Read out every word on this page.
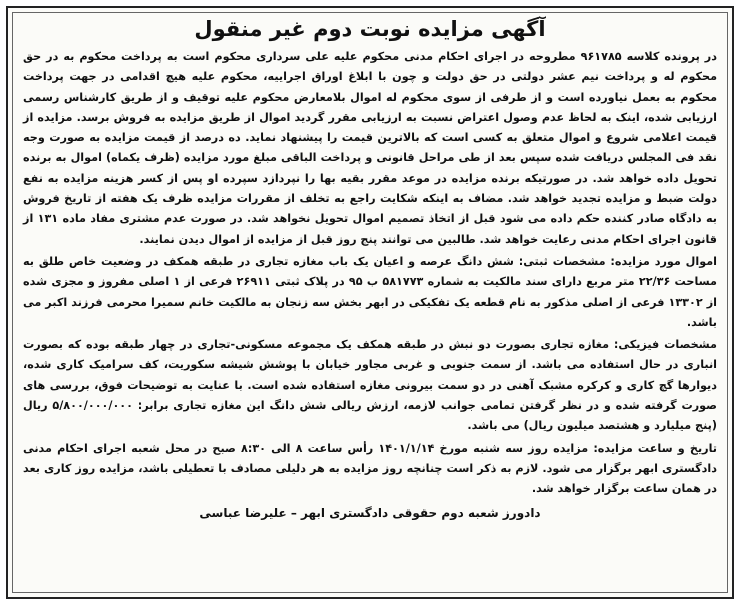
آگهی مزایده نوبت دوم غیر منقول

در پرونده کلاسه ۹۶۱۷۸۵ مطروحه در اجرای احکام مدنی محکوم علیه علی سرداری محکوم است به پرداخت محکوم به در حق محکوم له و پرداخت نیم عشر دولتی در حق دولت و چون با ابلاغ اوراق اجراییه، محکوم علیه هیچ اقدامی در جهت پرداخت محکوم به بعمل نیاورده است و از طرفی از سوی محکوم له اموال بلامعارض محکوم علیه توقیف و از طریق کارشناس رسمی ارزیابی شده، اینک به لحاظ عدم وصول اعتراض نسبت به ارزیابی مقرر گردید اموال از طریق مزایده به فروش برسد. مزایده از قیمت اعلامی شروع و اموال متعلق به کسی است که بالاترین قیمت را پیشنهاد نماید. ده درصد از قیمت مزایده به صورت وجه نقد فی المجلس دریافت شده سپس بعد از طی مراحل قانونی و پرداخت الباقی مبلغ مورد مزایده (ظرف یکماه) اموال به برنده تحویل داده خواهد شد. در صورتیکه برنده مزایده در موعد مقرر بقیه بها را نپردازد سپرده او پس از کسر هزینه مزایده به نفع دولت ضبط و مزایده تجدید خواهد شد. مضاف به اینکه شکایت راجع به تخلف از مقررات مزایده ظرف یک هفته از تاریخ فروش به دادگاه صادر کننده حکم داده می شود قبل از اتخاذ تصمیم اموال تحویل نخواهد شد. در صورت عدم مشتری مفاد ماده ۱۳۱ از قانون اجرای احکام مدنی رعایت خواهد شد. طالبین می توانند پنج روز قبل از مزایده از اموال دیدن نمایند.

اموال مورد مزایده: مشخصات ثبتی: شش دانگ عرصه و اعیان یک باب مغازه تجاری در طبقه همکف در وضعیت خاص طلق به مساحت ۲۲/۳۶ متر مربع دارای سند مالکیت به شماره ۵۸۱۷۷۳ ب ۹۵ در پلاک ثبتی ۲۶۹۱۱ فرعی از ۱ اصلی مفروز و مجزی شده از ۱۳۳۰۲ فرعی از اصلی مذکور به نام قطعه یک تفکیکی در ابهر بخش سه زنجان به مالکیت خانم سمیرا محرمی فرزند اکبر می باشد.

مشخصات فیزیکی: مغازه تجاری بصورت دو نبش در طبقه همکف یک مجموعه مسکونی-تجاری در چهار طبقه بوده که بصورت انباری در حال استفاده می باشد. از سمت جنوبی و غربی مجاور خیابان با پوشش شیشه سکوریت، کف سرامیک کاری شده، دیوارها گچ کاری و کرکره مشبک آهنی در دو سمت بیرونی مغازه استفاده شده است. با عنایت به توضیحات فوق، بررسی های صورت گرفته شده و در نظر گرفتن تمامی جوانب لازمه، ارزش ریالی شش دانگ این مغازه تجاری برابر: ۵/۸۰۰/۰۰۰/۰۰۰ ریال (پنج میلیارد و هشتصد میلیون ریال) می باشد.

تاریخ و ساعت مزایده: مزایده روز سه شنبه مورخ ۱۴۰۱/۱/۱۴ رأس ساعت ۸ الی ۸:۳۰ صبح در محل شعبه اجرای احکام مدنی دادگستری ابهر برگزار می شود. لازم به ذکر است چنانچه روز مزایده به هر دلیلی مصادف با تعطیلی باشد، مزایده روز کاری بعد در همان ساعت برگزار خواهد شد.

دادورز شعبه دوم حقوقی دادگستری ابهر – علیرضا عباسی
